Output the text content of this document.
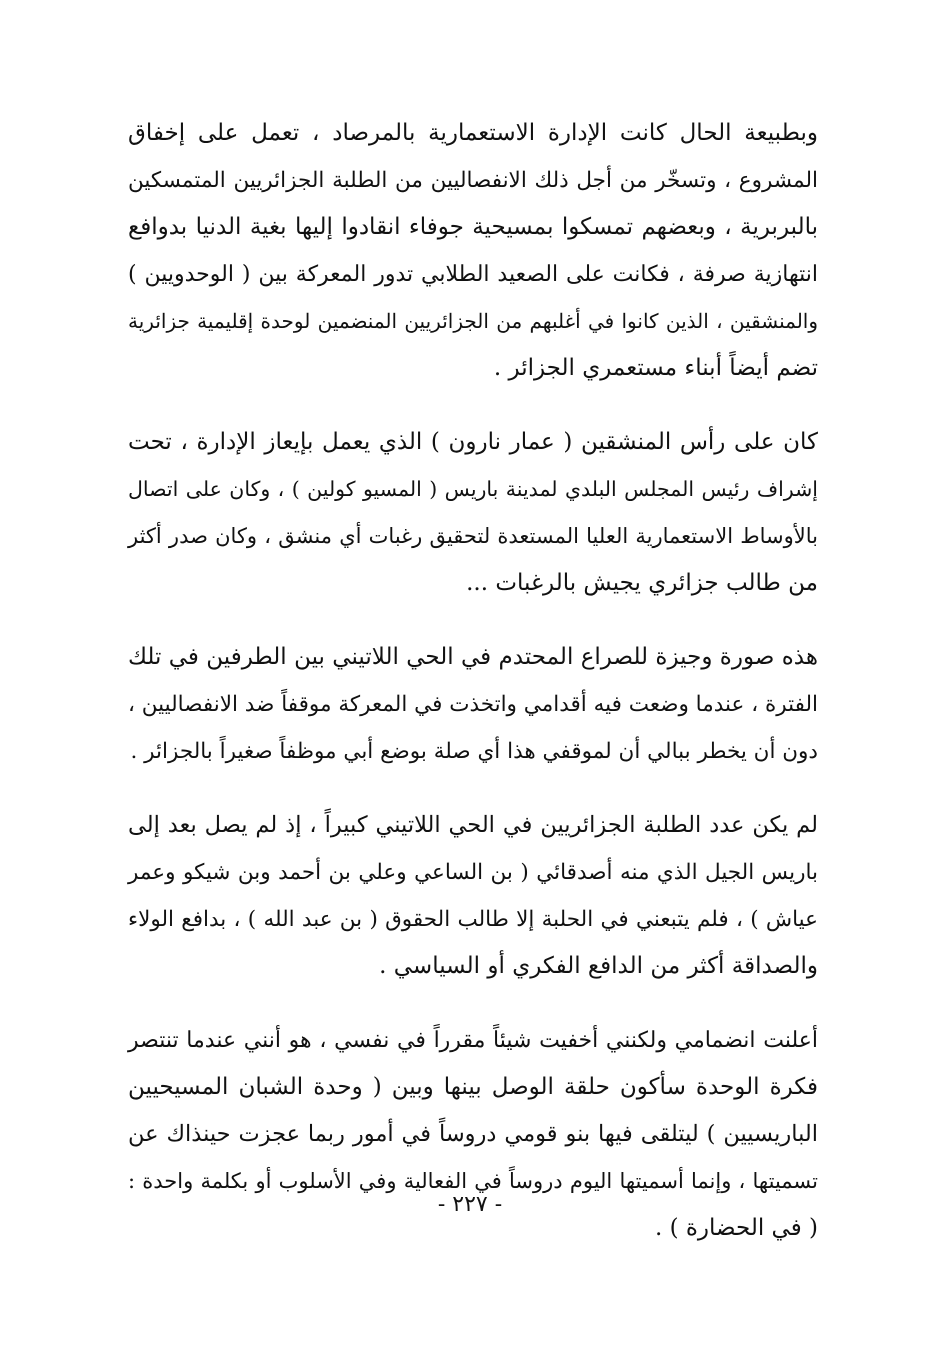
وبطبيعة الحال كانت الإدارة الاستعمارية بالمرصاد ، تعمل على إخفاق
المشروع ، وتسخّر من أجل ذلك الانفصاليين من الطلبة الجزائريين المتمسكين
بالبربرية ، وبعضهم تمسكوا بمسيحية جوفاء انقادوا إليها بغية الدنيا بدوافع
انتهازية صرفة ، فكانت على الصعيد الطلابي تدور المعركة بين ( الوحدويين )
والمنشقين ، الذين كانوا في أغلبهم من الجزائريين المنضمين لوحدة إقليمية جزائرية
تضم أيضاً أبناء مستعمري الجزائر .

كان على رأس المنشقين ( عمار نارون ) الذي يعمل بإيعاز الإدارة ، تحت
إشراف رئيس المجلس البلدي لمدينة باريس ( المسيو كولين ) ، وكان على اتصال
بالأوساط الاستعمارية العليا المستعدة لتحقيق رغبات أي منشق ، وكان صدر أكثر
من طالب جزائري يجيش بالرغبات ...

هذه صورة وجيزة للصراع المحتدم في الحي اللاتيني بين الطرفين في تلك
الفترة ، عندما وضعت فيه أقدامي واتخذت في المعركة موقفاً ضد الانفصاليين ،
دون أن يخطر ببالي أن لموقفي هذا أي صلة بوضع أبي موظفاً صغيراً بالجزائر .

لم يكن عدد الطلبة الجزائريين في الحي اللاتيني كبيراً ، إذ لم يصل بعد إلى
باريس الجيل الذي منه أصدقائي ( بن الساعي وعلي بن أحمد وبن شيكو وعمر
عياش ) ، فلم يتبعني في الحلبة إلا طالب الحقوق ( بن عبد الله ) ، بدافع الولاء
والصداقة أكثر من الدافع الفكري أو السياسي .

أعلنت انضمامي ولكنني أخفيت شيئاً مقرراً في نفسي ، هو أنني عندما تنتصر
فكرة الوحدة سأكون حلقة الوصل بينها وبين ( وحدة الشبان المسيحيين
الباريسيين ) ليتلقى فيها بنو قومي دروساً في أمور ربما عجزت حينذاك عن
تسميتها ، وإنما أسميتها اليوم دروساً في الفعالية وفي الأسلوب أو بكلمة واحدة :
( في الحضارة ) .

- ٢٢٧ -
